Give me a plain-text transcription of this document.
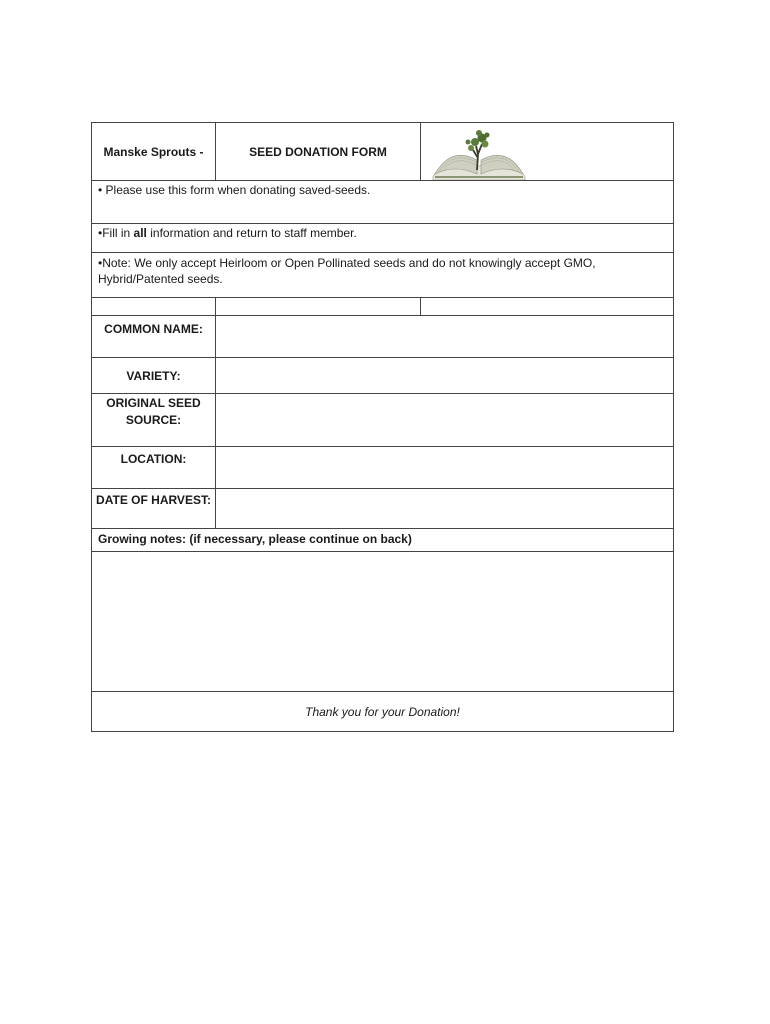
Manske Sprouts -	SEED DONATION FORM
• Please use this form when donating saved-seeds.
•Fill in all information and return to staff member.
•Note: We only accept Heirloom or Open Pollinated seeds and do not knowingly accept GMO,
Hybrid/Patented seeds.
COMMON NAME:
VARIETY:
ORIGINAL SEED
SOURCE:
LOCATION:
DATE OF HARVEST:
Growing notes: (if necessary, please continue on back)
Thank you for your Donation!
